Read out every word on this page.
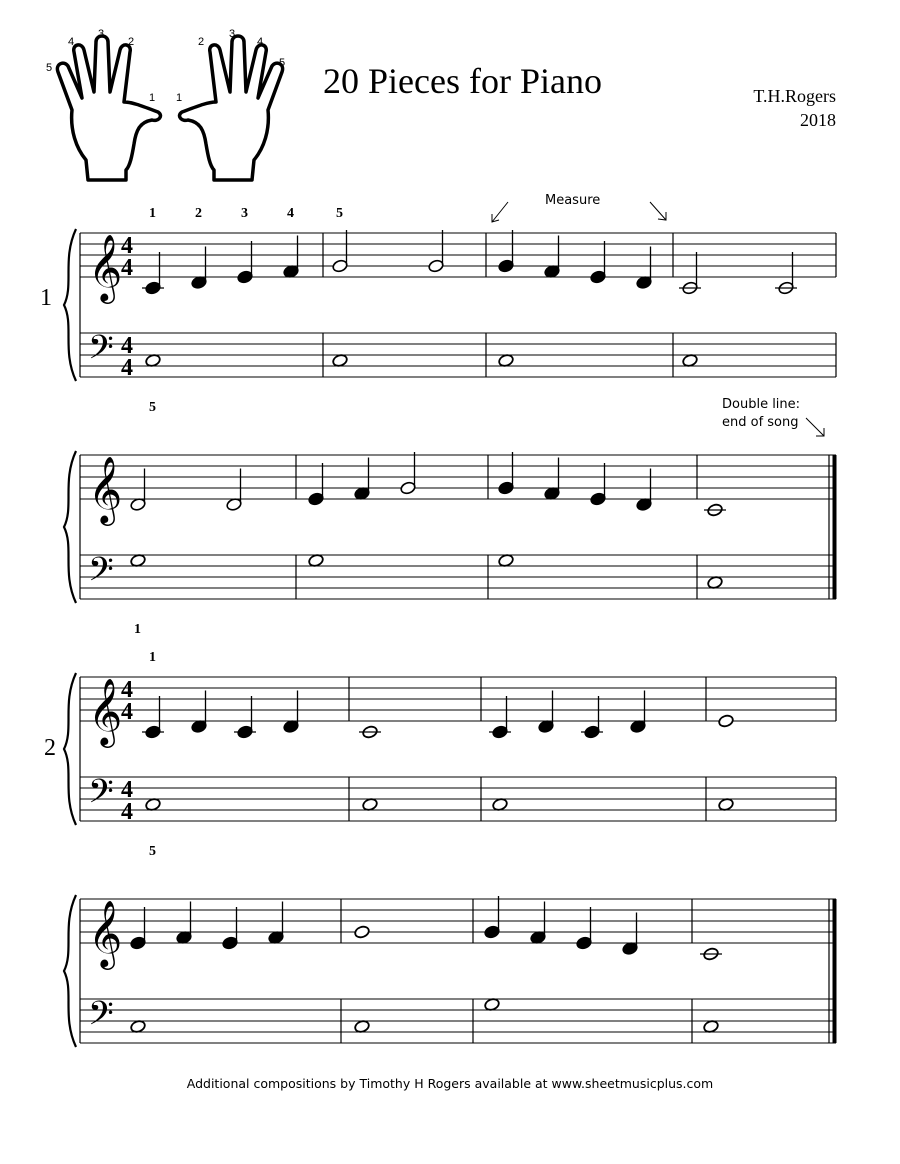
5
4
3
2
1 1
2
3
4
5 20 Pieces for Piano	T.H.Rogers
2018
Measure
Double line:
end of song
1
2
𝄞
𝄢
4
4
4
4
1	2	3	4	5
5
𝄞
𝄢
1
𝄞
𝄢
4
4
4
4
1
5
𝄞
𝄢
Additional compositions by Timothy H Rogers available at www.sheetmusicplus.com
